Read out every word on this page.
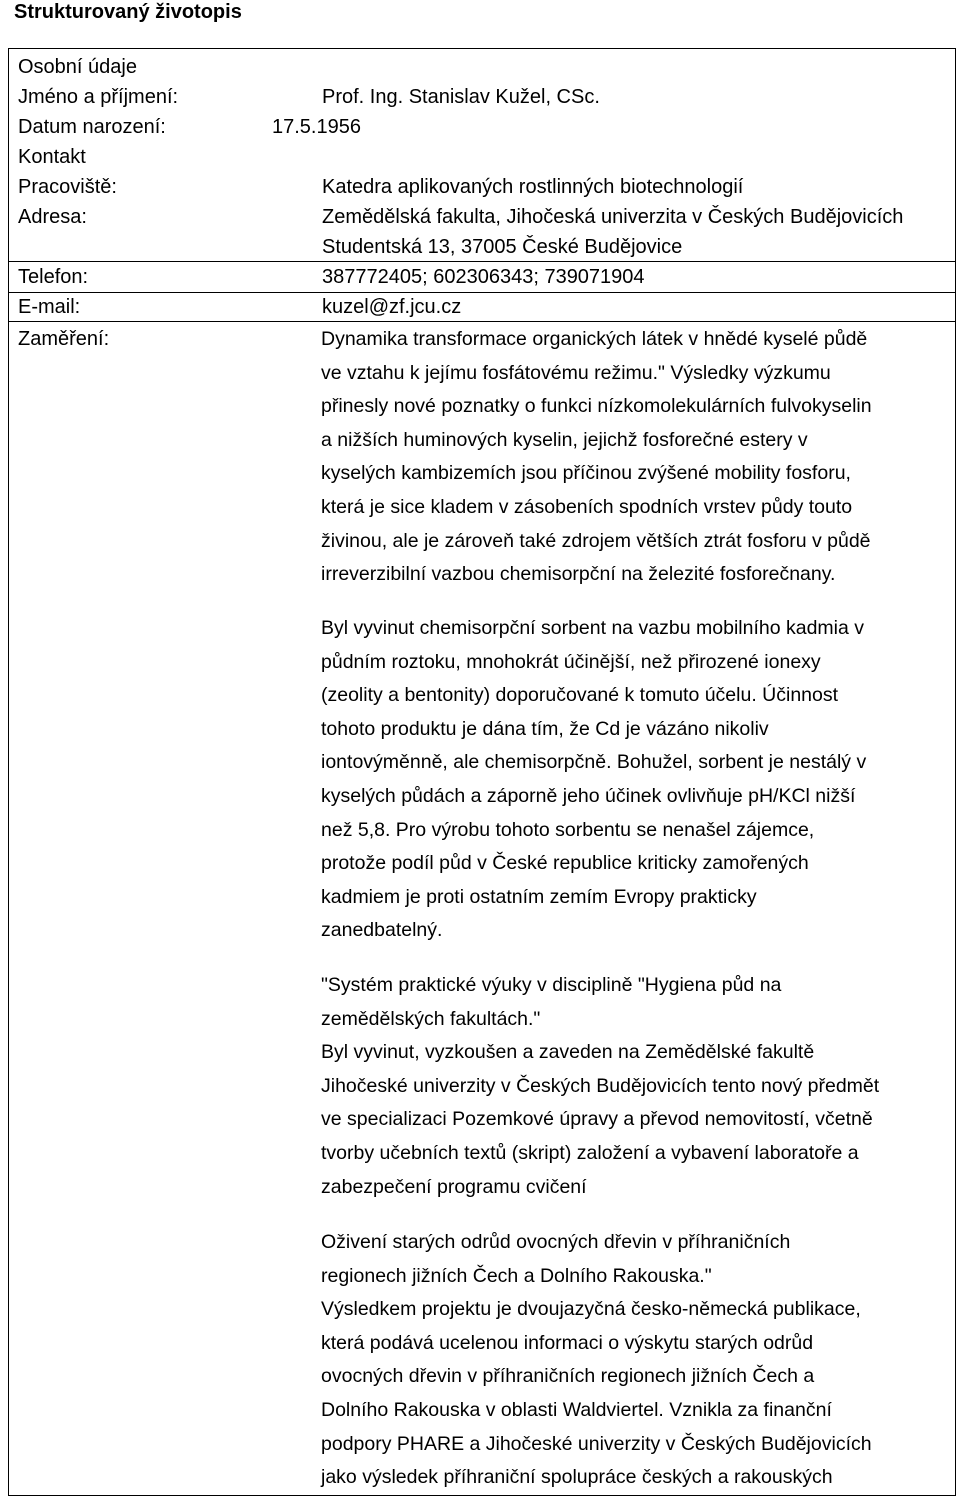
Strukturovaný životopis
Osobní údaje
Jméno a příjmení:	Prof. Ing. Stanislav Kužel, CSc.
Datum narození:	17.5.1956
Kontakt
Pracoviště:	Katedra aplikovaných rostlinných biotechnologií
Adresa:	Zemědělská fakulta, Jihočeská univerzita v Českých Budějovicích
Studentská 13, 37005 České Budějovice
Telefon:	387772405; 602306343; 739071904
E-mail:	kuzel@zf.jcu.cz
Zaměření:	Dynamika transformace organických látek v hnědé kyselé půdě
ve vztahu k jejímu fosfátovému režimu." Výsledky výzkumu
přinesly nové poznatky o funkci nízkomolekulárních fulvokyselin
a nižších huminových kyselin, jejichž fosforečné estery v
kyselých kambizemích jsou příčinou zvýšené mobility fosforu,
která je sice kladem v zásobeních spodních vrstev půdy touto
živinou, ale je zároveň také zdrojem větších ztrát fosforu v půdě
irreverzibilní vazbou chemisorpční na železité fosforečnany.
Byl vyvinut chemisorpční sorbent na vazbu mobilního kadmia v
půdním roztoku, mnohokrát účinější, než přirozené ionexy
(zeolity a bentonity) doporučované k tomuto účelu. Účinnost
tohoto produktu je dána tím, že Cd je vázáno nikoliv
iontovýměnně, ale chemisorpčně. Bohužel, sorbent je nestálý v
kyselých půdách a záporně jeho účinek ovlivňuje pH/KCl nižší
než 5,8. Pro výrobu tohoto sorbentu se nenašel zájemce,
protože podíl půd v České republice kriticky zamořených
kadmiem je proti ostatním zemím Evropy prakticky
zanedbatelný.
"Systém praktické výuky v disciplině "Hygiena půd na
zemědělských fakultách."
Byl vyvinut, vyzkoušen a zaveden na Zemědělské fakultě
Jihočeské univerzity v Českých Budějovicích tento nový předmět
ve specializaci Pozemkové úpravy a převod nemovitostí, včetně
tvorby učebních textů (skript) založení a vybavení laboratoře a
zabezpečení programu cvičení
Oživení starých odrůd ovocných dřevin v příhraničních
regionech jižních Čech a Dolního Rakouska."
Výsledkem projektu je dvoujazyčná česko-německá publikace,
která podává ucelenou informaci o výskytu starých odrůd
ovocných dřevin v příhraničních regionech jižních Čech a
Dolního Rakouska v oblasti Waldviertel. Vznikla za finanční
podpory PHARE a Jihočeské univerzity v Českých Budějovicích
jako výsledek příhraniční spolupráce českých a rakouských
